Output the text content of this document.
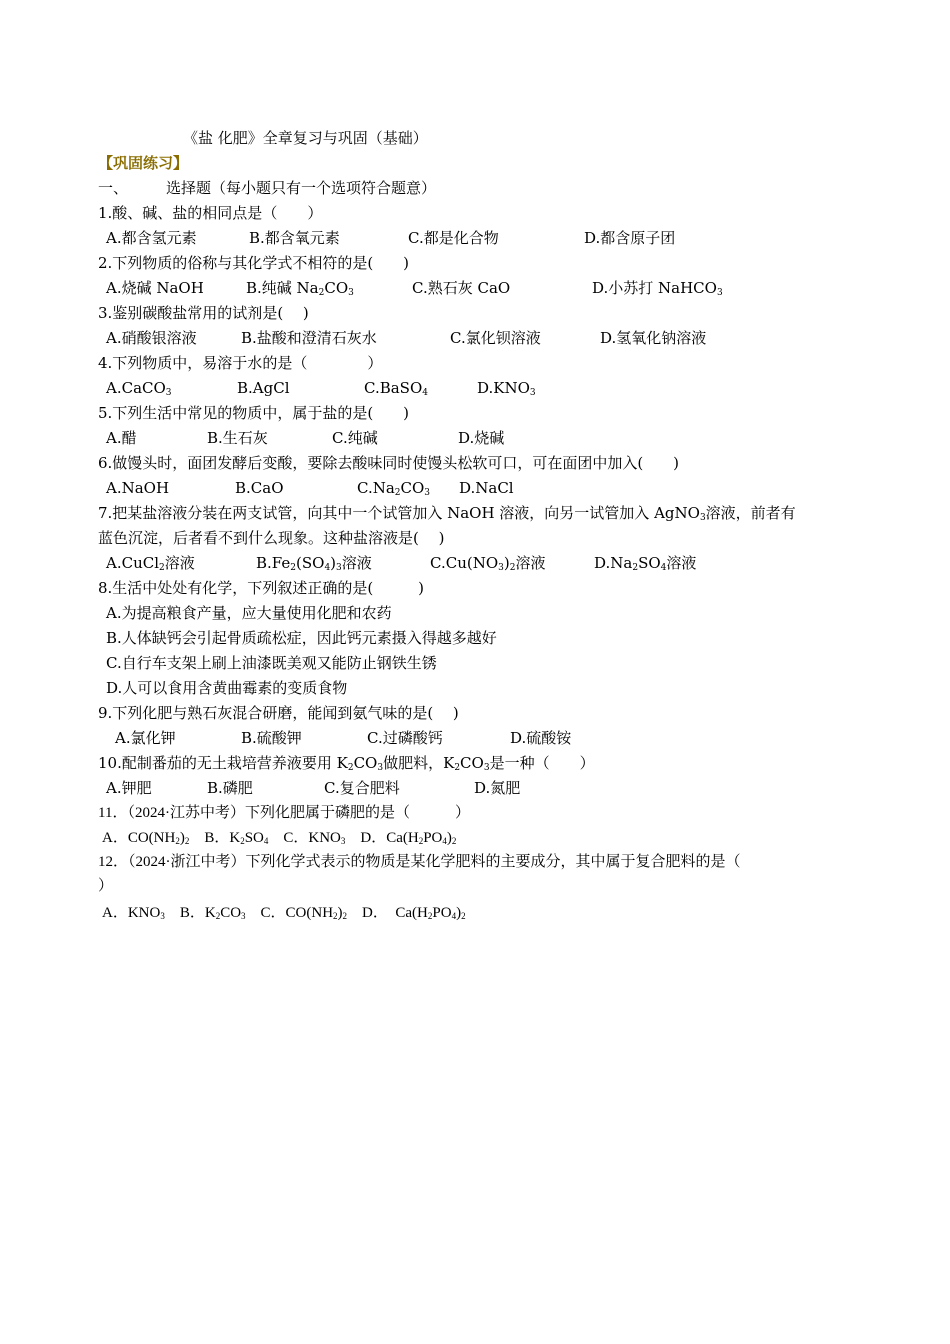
《盐 化肥》全章复习与巩固（基础）
【巩固练习】
一、	选择题（每小题只有一个选项符合题意）
1.酸、碱、盐的相同点是（　　）
A.都含氢元素	B.都含氧元素	C.都是化合物	D.都含原子团
2.下列物质的俗称与其化学式不相符的是(　　)
A.烧碱 NaOH	B.纯碱 $Na_2CO_3$	C.熟石灰 CaO	D.小苏打 NaHCO$_3$
3.鉴别碳酸盐常用的试剂是(　 )
A.硝酸银溶液	B.盐酸和澄清石灰水	C.氯化钡溶液	D.氢氧化钠溶液
4.下列物质中，易溶于水的是（　　　　）
A.CaCO$_3$	B.AgCl	C.BaSO$_4$	$D.KNO_3$
5.下列生活中常见的物质中，属于盐的是(　　)
A.醋	B.生石灰	C.纯碱	D.烧碱
6.做馒头时，面团发酵后变酸，要除去酸味同时使馒头松软可口，可在面团中加入(　　)
A.NaOH	B.CaO	$C.Na_2CO_3$ D.NaCl
7.把某盐溶液分装在两支试管，向其中一个试管加入 NaOH 溶液，向另一试管加入 AgNO$_3$溶液，前者有
蓝色沉淀，后者看不到什么现象。这种盐溶液是(　 )
A.CuCl$_2$溶液	$B.Fe_2(SO_4)_3$溶液	$C.Cu(NO_3)_2$溶液	$D.Na_2SO_4$溶液
8.生活中处处有化学，下列叙述正确的是(　　　)
A.为提高粮食产量，应大量使用化肥和农药
B.人体缺钙会引起骨质疏松症，因此钙元素摄入得越多越好
C.自行车支架上刷上油漆既美观又能防止钢铁生锈
D.人可以食用含黄曲霉素的变质食物
9.下列化肥与熟石灰混合研磨，能闻到氨气味的是(　 )
A.氯化钾	B.硫酸钾	C.过磷酸钙	D.硫酸铵
10.配制番茄的无土栽培营养液要用 $K_2CO_3$做肥料，$K_2CO_3$是一种（　　）
A.钾肥	B.磷肥	C.复合肥料	D.氮肥
11．（2024·江苏中考）下列化肥属于磷肥的是（　　　）
A．$CO(NH_2)_2$　B．$K_2SO_4$　C．$KNO_3$　D．$Ca(H_2PO_4)_2$
12．（2024·浙江中考）下列化学式表示的物质是某化学肥料的主要成分，其中属于复合肥料的是（
）
A．$KNO_3$　B．$K_2CO_3$　C．$CO(NH_2)_2$　D．　$Ca(H_2PO_4)_2$
